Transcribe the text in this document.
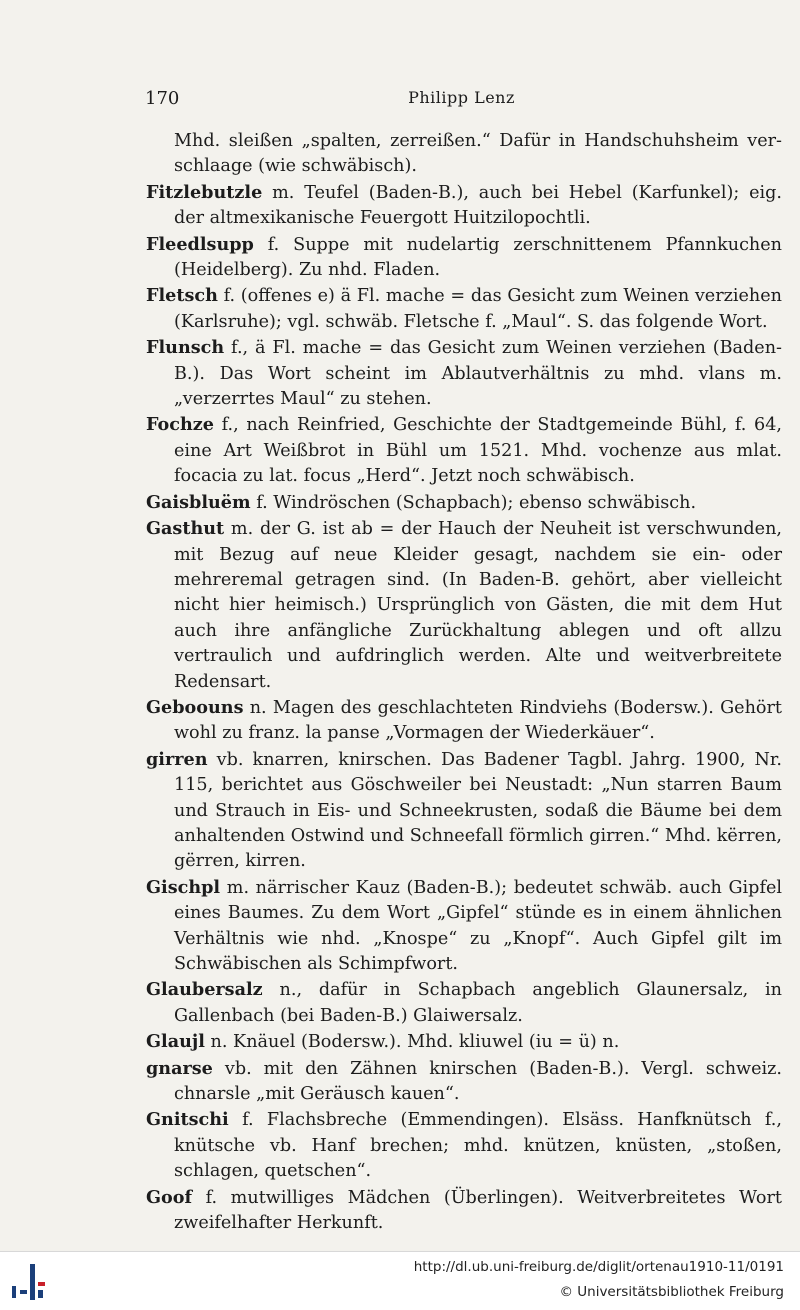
170	Philipp Lenz

Mhd. sleißen „spalten, zerreißen.“ Dafür in Handschuhsheim verschlaage (wie schwäbisch).

Fitzlebutzle m. Teufel (Baden-B.), auch bei Hebel (Karfunkel); eig. der altmexikanische Feuergott Huitzilopochtli.

Fleedlsupp f. Suppe mit nudelartig zerschnittenem Pfannkuchen (Heidelberg). Zu nhd. Fladen.

Fletsch f. (offenes e) ä Fl. mache = das Gesicht zum Weinen verziehen (Karlsruhe); vgl. schwäb. Fletsche f. „Maul“. S. das folgende Wort.

Flunsch f., ä Fl. mache = das Gesicht zum Weinen verziehen (Baden-B.). Das Wort scheint im Ablautverhältnis zu mhd. vlans m. „verzerrtes Maul“ zu stehen.

Fochze f., nach Reinfried, Geschichte der Stadtgemeinde Bühl, f. 64, eine Art Weißbrot in Bühl um 1521. Mhd. vochenze aus mlat. focacia zu lat. focus „Herd“. Jetzt noch schwäbisch.

Gaisbluëm f. Windröschen (Schapbach); ebenso schwäbisch.

Gasthut m. der G. ist ab = der Hauch der Neuheit ist verschwunden, mit Bezug auf neue Kleider gesagt, nachdem sie ein- oder mehreremal getragen sind. (In Baden-B. gehört, aber vielleicht nicht hier heimisch.) Ursprünglich von Gästen, die mit dem Hut auch ihre anfängliche Zurückhaltung ablegen und oft allzu vertraulich und aufdringlich werden. Alte und weitverbreitete Redensart.

Geboouns n. Magen des geschlachteten Rindviehs (Bodersw.). Gehört wohl zu franz. la panse „Vormagen der Wiederkäuer“.

girren vb. knarren, knirschen. Das Badener Tagbl. Jahrg. 1900, Nr. 115, berichtet aus Göschweiler bei Neustadt: „Nun starren Baum und Strauch in Eis- und Schneekrusten, sodaß die Bäume bei dem anhaltenden Ostwind und Schneefall förmlich girren.“ Mhd. kërren, gërren, kirren.

Gischpl m. närrischer Kauz (Baden-B.); bedeutet schwäb. auch Gipfel eines Baumes. Zu dem Wort „Gipfel“ stünde es in einem ähnlichen Verhältnis wie nhd. „Knospe“ zu „Knopf“. Auch Gipfel gilt im Schwäbischen als Schimpfwort.

Glaubersalz n., dafür in Schapbach angeblich Glaunersalz, in Gallenbach (bei Baden-B.) Glaiwersalz.

Glaujl n. Knäuel (Bodersw.). Mhd. kliuwel (iu = ü) n.

gnarse vb. mit den Zähnen knirschen (Baden-B.). Vergl. schweiz. chnarsle „mit Geräusch kauen“.

Gnitschi f. Flachsbreche (Emmendingen). Elsäss. Hanfknütsch f., knütsche vb. Hanf brechen; mhd. knützen, knüsten, „stoßen, schlagen, quetschen“.

Goof f. mutwilliges Mädchen (Überlingen). Weitverbreitetes Wort zweifelhafter Herkunft.

http://dl.ub.uni-freiburg.de/diglit/ortenau1910-11/0191
© Universitätsbibliothek Freiburg
